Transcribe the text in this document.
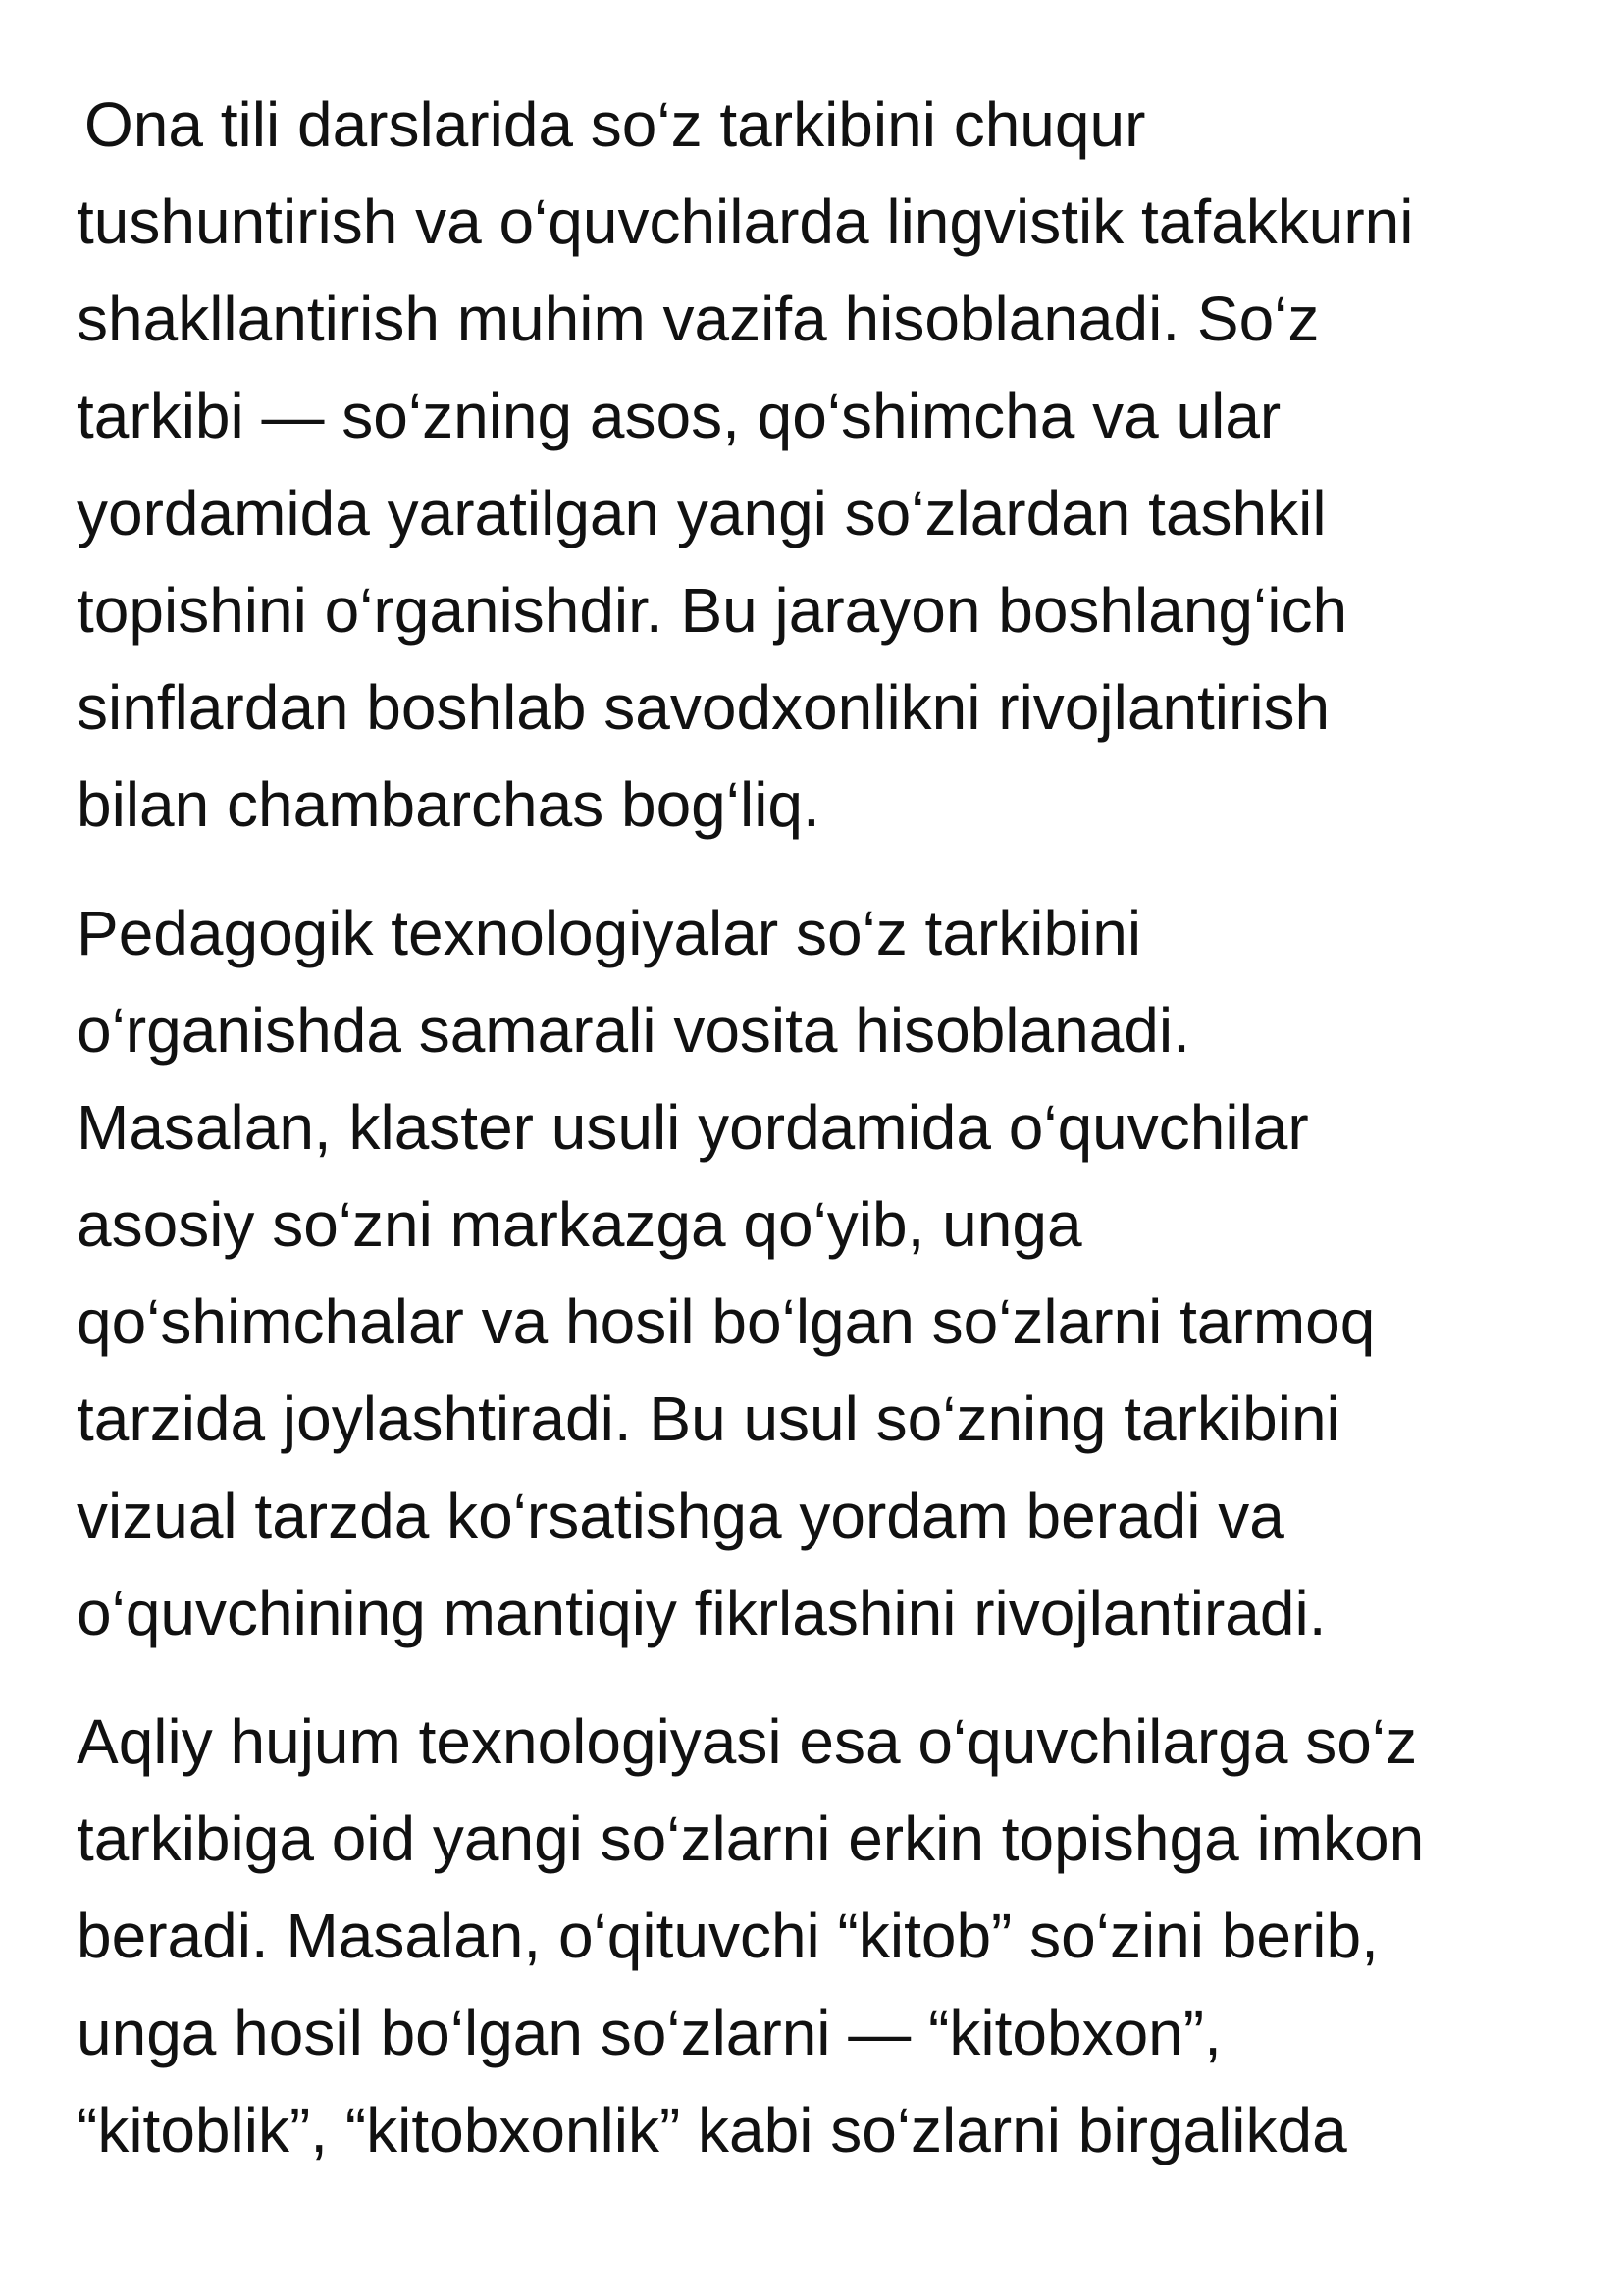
Ona tili darslarida so‘z tarkibini chuqur
tushuntirish va o‘quvchilarda lingvistik tafakkurni
shakllantirish muhim vazifa hisoblanadi. So‘z
tarkibi — so‘zning asos, qo‘shimcha va ular
yordamida yaratilgan yangi so‘zlardan tashkil
topishini o‘rganishdir. Bu jarayon boshlang‘ich
sinflardan boshlab savodxonlikni rivojlantirish
bilan chambarchas bog‘liq.

Pedagogik texnologiyalar so‘z tarkibini
o‘rganishda samarali vosita hisoblanadi.
Masalan, klaster usuli yordamida o‘quvchilar
asosiy so‘zni markazga qo‘yib, unga
qo‘shimchalar va hosil bo‘lgan so‘zlarni tarmoq
tarzida joylashtiradi. Bu usul so‘zning tarkibini
vizual tarzda ko‘rsatishga yordam beradi va
o‘quvchining mantiqiy fikrlashini rivojlantiradi.

Aqliy hujum texnologiyasi esa o‘quvchilarga so‘z
tarkibiga oid yangi so‘zlarni erkin topishga imkon
beradi. Masalan, o‘qituvchi “kitob” so‘zini berib,
unga hosil bo‘lgan so‘zlarni — “kitobxon”,
“kitoblik”, “kitobxonlik” kabi so‘zlarni birgalikda
